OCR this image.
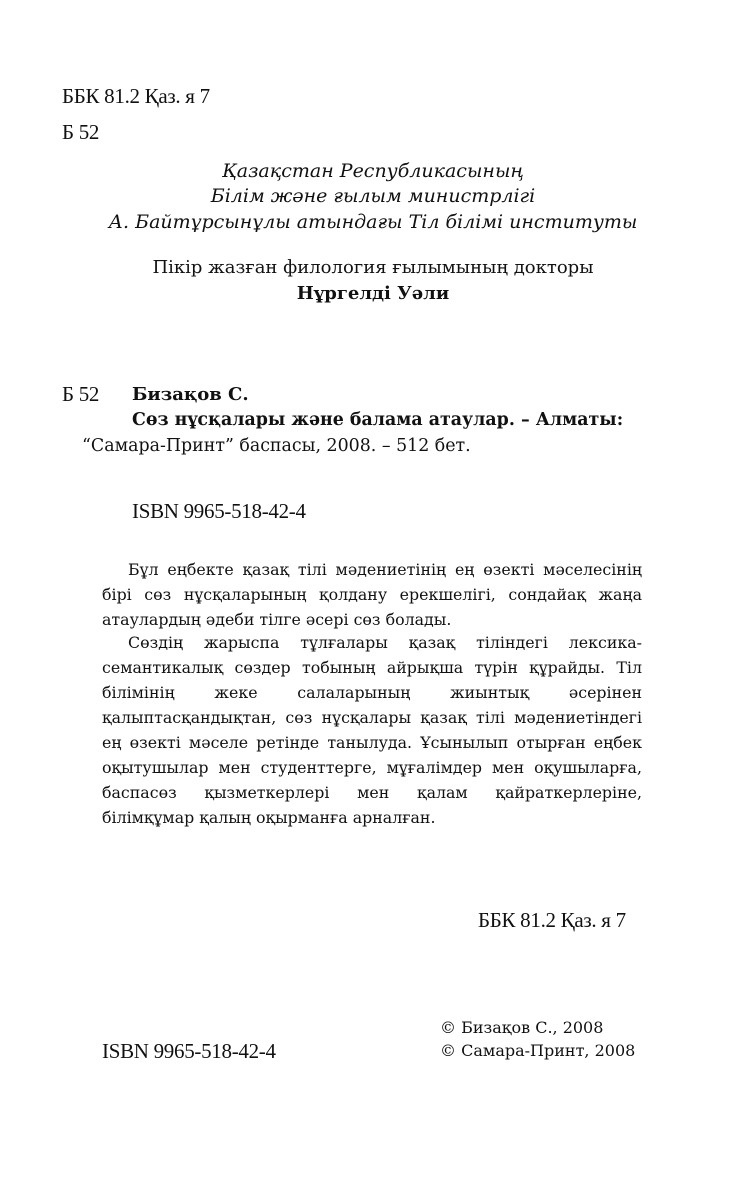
ББК 81.2 Қаз. я 7
Б 52
Қазақстан Республикасының
Білім және ғылым министрлігі
А. Байтұрсынұлы атындағы Тіл білімі институты
Пікір жазған филология ғылымының докторы
Нұргелді Уәли
Б 52 Бизақов С.
Сөз нұсқалары және балама атаулар. – Алматы:
“Самара-Принт” баспасы, 2008. – 512 бет.
ISBN 9965-518-42-4
Бұл еңбекте қазақ тілі мәдениетінің ең өзекті мәселесінің бірі сөз нұсқаларының қолдану ерекшелігі, сондайақ жаңа атаулардың әдеби тілге әсері сөз болады.
Сөздің жарыспа тұлғалары қазақ тіліндегі лексика-семантикалық сөздер тобының айрықша түрін құрайды. Тіл білімінің жеке салаларының жиынтық әсерінен қалыптасқандықтан, сөз нұсқалары қазақ тілі мәдениетіндегі ең өзекті мәселе ретінде танылуда. Ұсынылып отырған еңбек оқытушылар мен студенттерге, мұғалімдер мен оқушыларға, баспасөз қызметкерлері мен қалам қайраткерлеріне, білімқұмар қалың оқырманға арналған.
ББК 81.2 Қаз. я 7
ISBN 9965-518-42-4
© Бизақов С., 2008
© Самара-Принт, 2008
